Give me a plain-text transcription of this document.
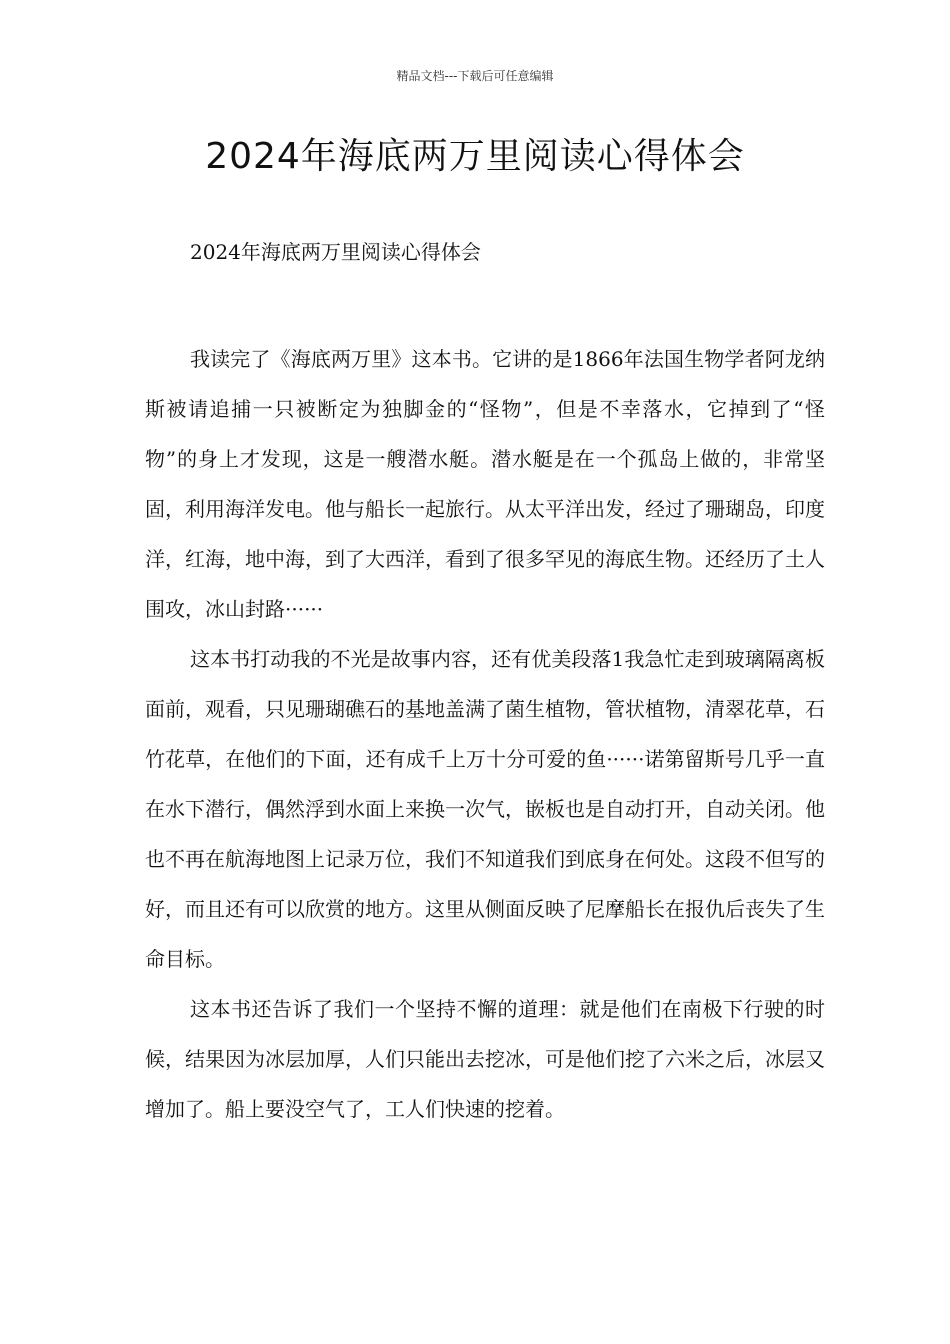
精品文档---下载后可任意编辑
2024年海底两万里阅读心得体会
2024年海底两万里阅读心得体会

我读完了《海底两万里》这本书。它讲的是1866年法国生物学者阿龙纳斯被请追捕一只被断定为独脚金的“怪物”，但是不幸落水，它掉到了“怪物”的身上才发现，这是一艘潜水艇。潜水艇是在一个孤岛上做的，非常坚固，利用海洋发电。他与船长一起旅行。从太平洋出发，经过了珊瑚岛，印度洋，红海，地中海，到了大西洋，看到了很多罕见的海底生物。还经历了土人围攻，冰山封路······

这本书打动我的不光是故事内容，还有优美段落1我急忙走到玻璃隔离板面前，观看，只见珊瑚礁石的基地盖满了菌生植物，管状植物，清翠花草，石竹花草，在他们的下面，还有成千上万十分可爱的鱼······诺第留斯号几乎一直在水下潜行，偶然浮到水面上来换一次气，嵌板也是自动打开，自动关闭。他也不再在航海地图上记录万位，我们不知道我们到底身在何处。这段不但写的好，而且还有可以欣赏的地方。这里从侧面反映了尼摩船长在报仇后丧失了生命目标。

这本书还告诉了我们一个坚持不懈的道理：就是他们在南极下行驶的时候，结果因为冰层加厚，人们只能出去挖冰，可是他们挖了六米之后，冰层又增加了。船上要没空气了，工人们快速的挖着。
